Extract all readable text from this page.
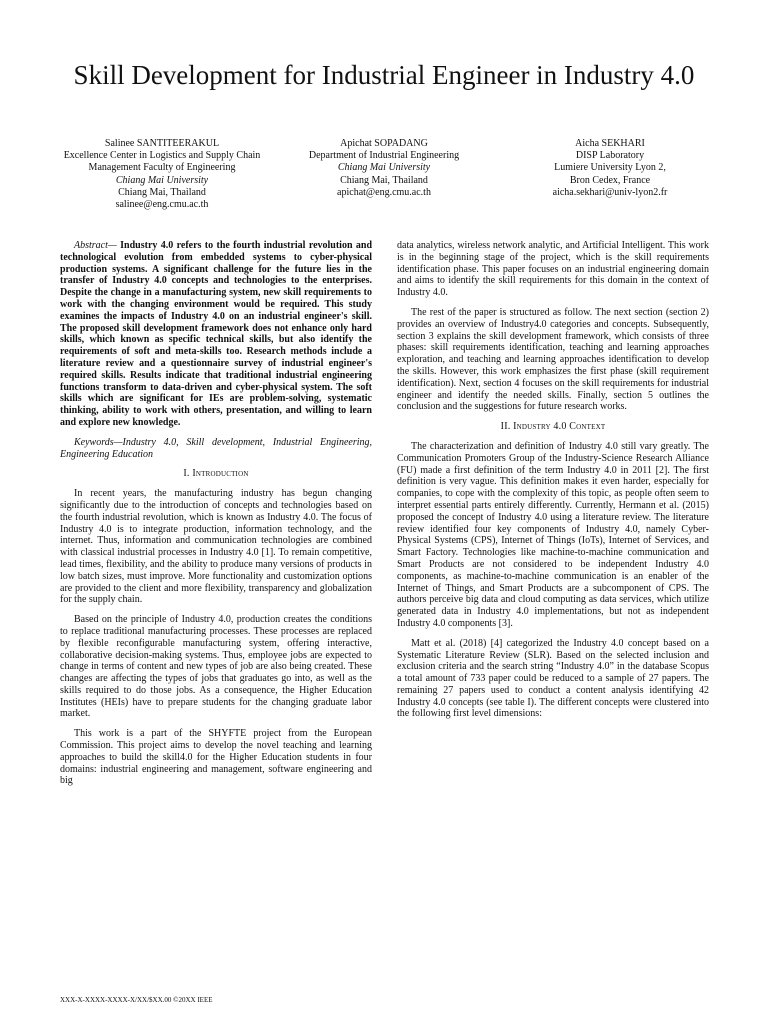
Skill Development for Industrial Engineer in Industry 4.0
Salinee SANTITEERAKUL
Excellence Center in Logistics and Supply Chain Management Faculty of Engineering
Chiang Mai University
Chiang Mai, Thailand
salinee@eng.cmu.ac.th
Apichat SOPADANG
Department of Industrial Engineering
Chiang Mai University
Chiang Mai, Thailand
apichat@eng.cmu.ac.th
Aicha SEKHARI
DISP Laboratory
Lumiere University Lyon 2,
Bron Cedex, France
aicha.sekhari@univ-lyon2.fr

Abstract— Industry 4.0 refers to the fourth industrial revolution and technological evolution from embedded systems to cyber-physical production systems. A significant challenge for the future lies in the transfer of Industry 4.0 concepts and technologies to the enterprises. Despite the change in a manufacturing system, new skill requirements to work with the changing environment would be required. This study examines the impacts of Industry 4.0 on an industrial engineer's skill. The proposed skill development framework does not enhance only hard skills, which known as specific technical skills, but also identify the requirements of soft and meta-skills too. Research methods include a literature review and a questionnaire survey of industrial engineer's required skills. Results indicate that traditional industrial engineering functions transform to data-driven and cyber-physical system. The soft skills which are significant for IEs are problem-solving, systematic thinking, ability to work with others, presentation, and willing to learn and explore new knowledge.

Keywords—Industry 4.0, Skill development, Industrial Engineering, Engineering Education

I. Introduction

In recent years, the manufacturing industry has begun changing significantly due to the introduction of concepts and technologies based on the fourth industrial revolution, which is known as Industry 4.0. The focus of Industry 4.0 is to integrate production, information technology, and the internet. Thus, information and communication technologies are combined with classical industrial processes in Industry 4.0 [1]. To remain competitive, lead times, flexibility, and the ability to produce many versions of products in low batch sizes, must improve. More functionality and customization options are provided to the client and more flexibility, transparency and globalization for the supply chain.

Based on the principle of Industry 4.0, production creates the conditions to replace traditional manufacturing processes. These processes are replaced by flexible reconfigurable manufacturing system, offering interactive, collaborative decision-making systems. Thus, employee jobs are expected to change in terms of content and new types of job are also being created. These changes are affecting the types of jobs that graduates go into, as well as the skills required to do those jobs. As a consequence, the Higher Education Institutes (HEIs) have to prepare students for the changing graduate labor market.

This work is a part of the SHYFTE project from the European Commission. This project aims to develop the novel teaching and learning approaches to build the skill4.0 for the Higher Education students in four domains: industrial engineering and management, software engineering and big

data analytics, wireless network analytic, and Artificial Intelligent. This work is in the beginning stage of the project, which is the skill requirements identification phase. This paper focuses on an industrial engineering domain and aims to identify the skill requirements for this domain in the context of Industry 4.0.

The rest of the paper is structured as follow. The next section (section 2) provides an overview of Industry4.0 categories and concepts. Subsequently, section 3 explains the skill development framework, which consists of three phases: skill requirements identification, teaching and learning approaches exploration, and teaching and learning approaches identification to develop the skills. However, this work emphasizes the first phase (skill requirement identification). Next, section 4 focuses on the skill requirements for industrial engineer and identify the needed skills. Finally, section 5 outlines the conclusion and the suggestions for future research works.

II. Industry 4.0 Context

The characterization and definition of Industry 4.0 still vary greatly. The Communication Promoters Group of the Industry-Science Research Alliance (FU) made a first definition of the term Industry 4.0 in 2011 [2]. The first definition is very vague. This definition makes it even harder, especially for companies, to cope with the complexity of this topic, as people often seem to interpret essential parts entirely differently. Currently, Hermann et al. (2015) proposed the concept of Industry 4.0 using a literature review. The literature review identified four key components of Industry 4.0, namely Cyber-Physical Systems (CPS), Internet of Things (IoTs), Internet of Services, and Smart Factory. Technologies like machine-to-machine communication and Smart Products are not considered to be independent Industry 4.0 components, as machine-to-machine communication is an enabler of the Internet of Things, and Smart Products are a subcomponent of CPS. The authors perceive big data and cloud computing as data services, which utilize generated data in Industry 4.0 implementations, but not as independent Industry 4.0 components [3].

Matt et al. (2018) [4] categorized the Industry 4.0 concept based on a Systematic Literature Review (SLR). Based on the selected inclusion and exclusion criteria and the search string “Industry 4.0” in the database Scopus a total amount of 733 paper could be reduced to a sample of 27 papers. The remaining 27 papers used to conduct a content analysis identifying 42 Industry 4.0 concepts (see table I). The different concepts were clustered into the following first level dimensions:

XXX-X-XXXX-XXXX-X/XX/$XX.00 ©20XX IEEE
